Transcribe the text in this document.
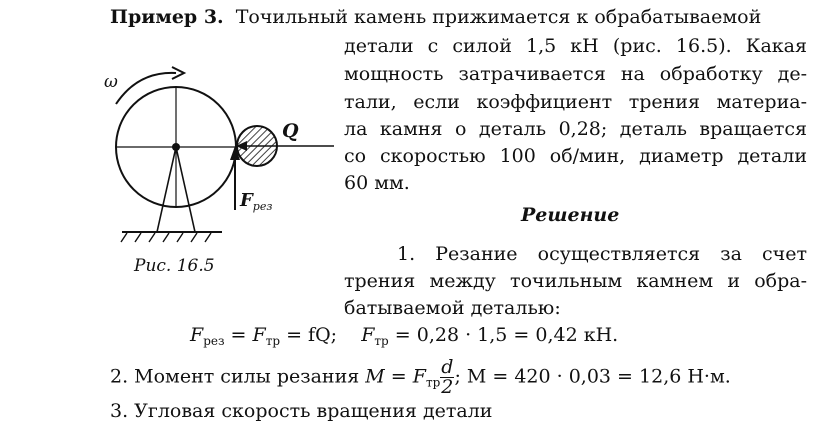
ω
Q
$F_{рез}$
Рис. 16.5
Пример 3. Точильный камень прижимается к обрабатываемой
детали с силой 1,5 кН (рис. 16.5). Какая
мощность затрачивается на обработку де-
тали, если коэффициент трения материа-
ла камня о деталь 0,28; деталь вращается
со скоростью 100 об/мин, диаметр детали
60 мм.
Решение
1. Резание осуществляется за счет
трения между точильным камнем и обра-
батываемой деталью:
$F_{рез} = F_{тр}$ = fQ; $F_{тр} = 0,28 \cdot 1,5 = 0,42$ кН.
2. Момент силы резания $M = F_{тр} \frac{d}{2}$ ; M = 420 · 0,03 = 12,6 Н·м.
3. Угловая скорость вращения детали
